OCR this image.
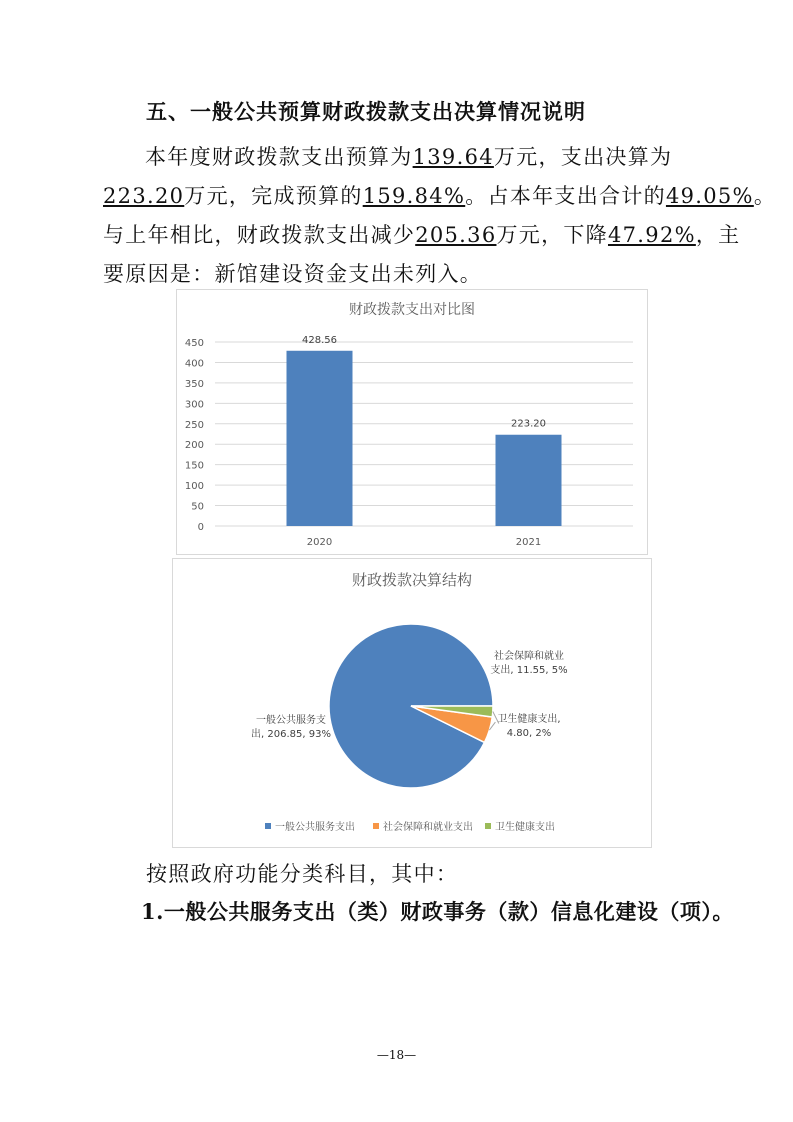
五、一般公共预算财政拨款支出决算情况说明
本年度财政拨款支出预算为139.64万元，支出决算为
223.20万元，完成预算的159.84%。占本年支出合计的49.05%。
与上年相比，财政拨款支出减少205.36万元，下降47.92%，主
要原因是：新馆建设资金支出未列入。
财政拨款支出对比图
0
50
100
150
200
250
300
350
400
450	428.56
223.20
2020	2021
财政拨款决算结构
一般公共服务支
出, 206.85, 93%
社会保障和就业
支出, 11.55, 5%
卫生健康支出,
4.80, 2%
一般公共服务支出	社会保障和就业支出 卫生健康支出
按照政府功能分类科目，其中：
1.一般公共服务支出（类）财政事务（款）信息化建设（项）。
—18—
